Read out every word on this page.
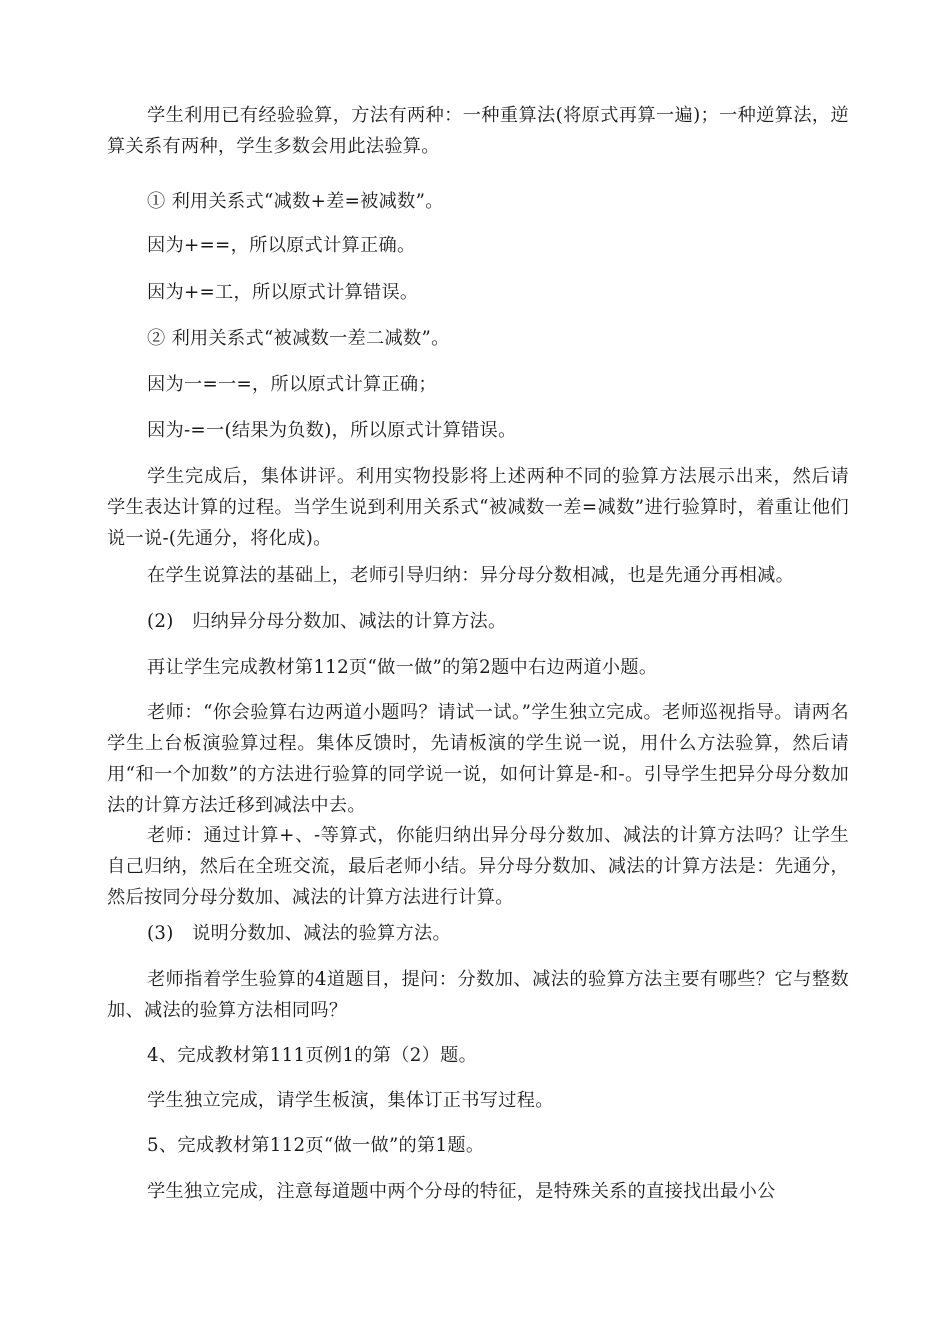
学生利用已有经验验算，方法有两种：一种重算法(将原式再算一遍)；一种逆算法，逆算关系有两种，学生多数会用此法验算。

① 利用关系式“减数+差=被减数”。

因为+==，所以原式计算正确。

因为+=工，所以原式计算错误。

② 利用关系式“被减数一差二减数”。

因为一=一=，所以原式计算正确；

因为-=一(结果为负数)，所以原式计算错误。

学生完成后，集体讲评。利用实物投影将上述两种不同的验算方法展示出来，然后请学生表达计算的过程。当学生说到利用关系式“被减数一差=减数”进行验算时，着重让他们说一说-(先通分，将化成)。

在学生说算法的基础上，老师引导归纳：异分母分数相减，也是先通分再相减。

(2)　归纳异分母分数加、减法的计算方法。

再让学生完成教材第112页“做一做”的第2题中右边两道小题。

老师：“你会验算右边两道小题吗？请试一试。”学生独立完成。老师巡视指导。请两名学生上台板演验算过程。集体反馈时，先请板演的学生说一说，用什么方法验算，然后请用“和一个加数”的方法进行验算的同学说一说，如何计算是-和-。引导学生把异分母分数加法的计算方法迁移到减法中去。

老师：通过计算+、-等算式，你能归纳出异分母分数加、减法的计算方法吗？让学生自己归纳，然后在全班交流，最后老师小结。异分母分数加、减法的计算方法是：先通分，然后按同分母分数加、减法的计算方法进行计算。

(3)　说明分数加、减法的验算方法。

老师指着学生验算的4道题目，提问：分数加、减法的验算方法主要有哪些？它与整数加、减法的验算方法相同吗？

4、完成教材第111页例1的第（2）题。

学生独立完成，请学生板演，集体订正书写过程。

5、完成教材第112页“做一做”的第1题。

学生独立完成，注意每道题中两个分母的特征，是特殊关系的直接找出最小公
